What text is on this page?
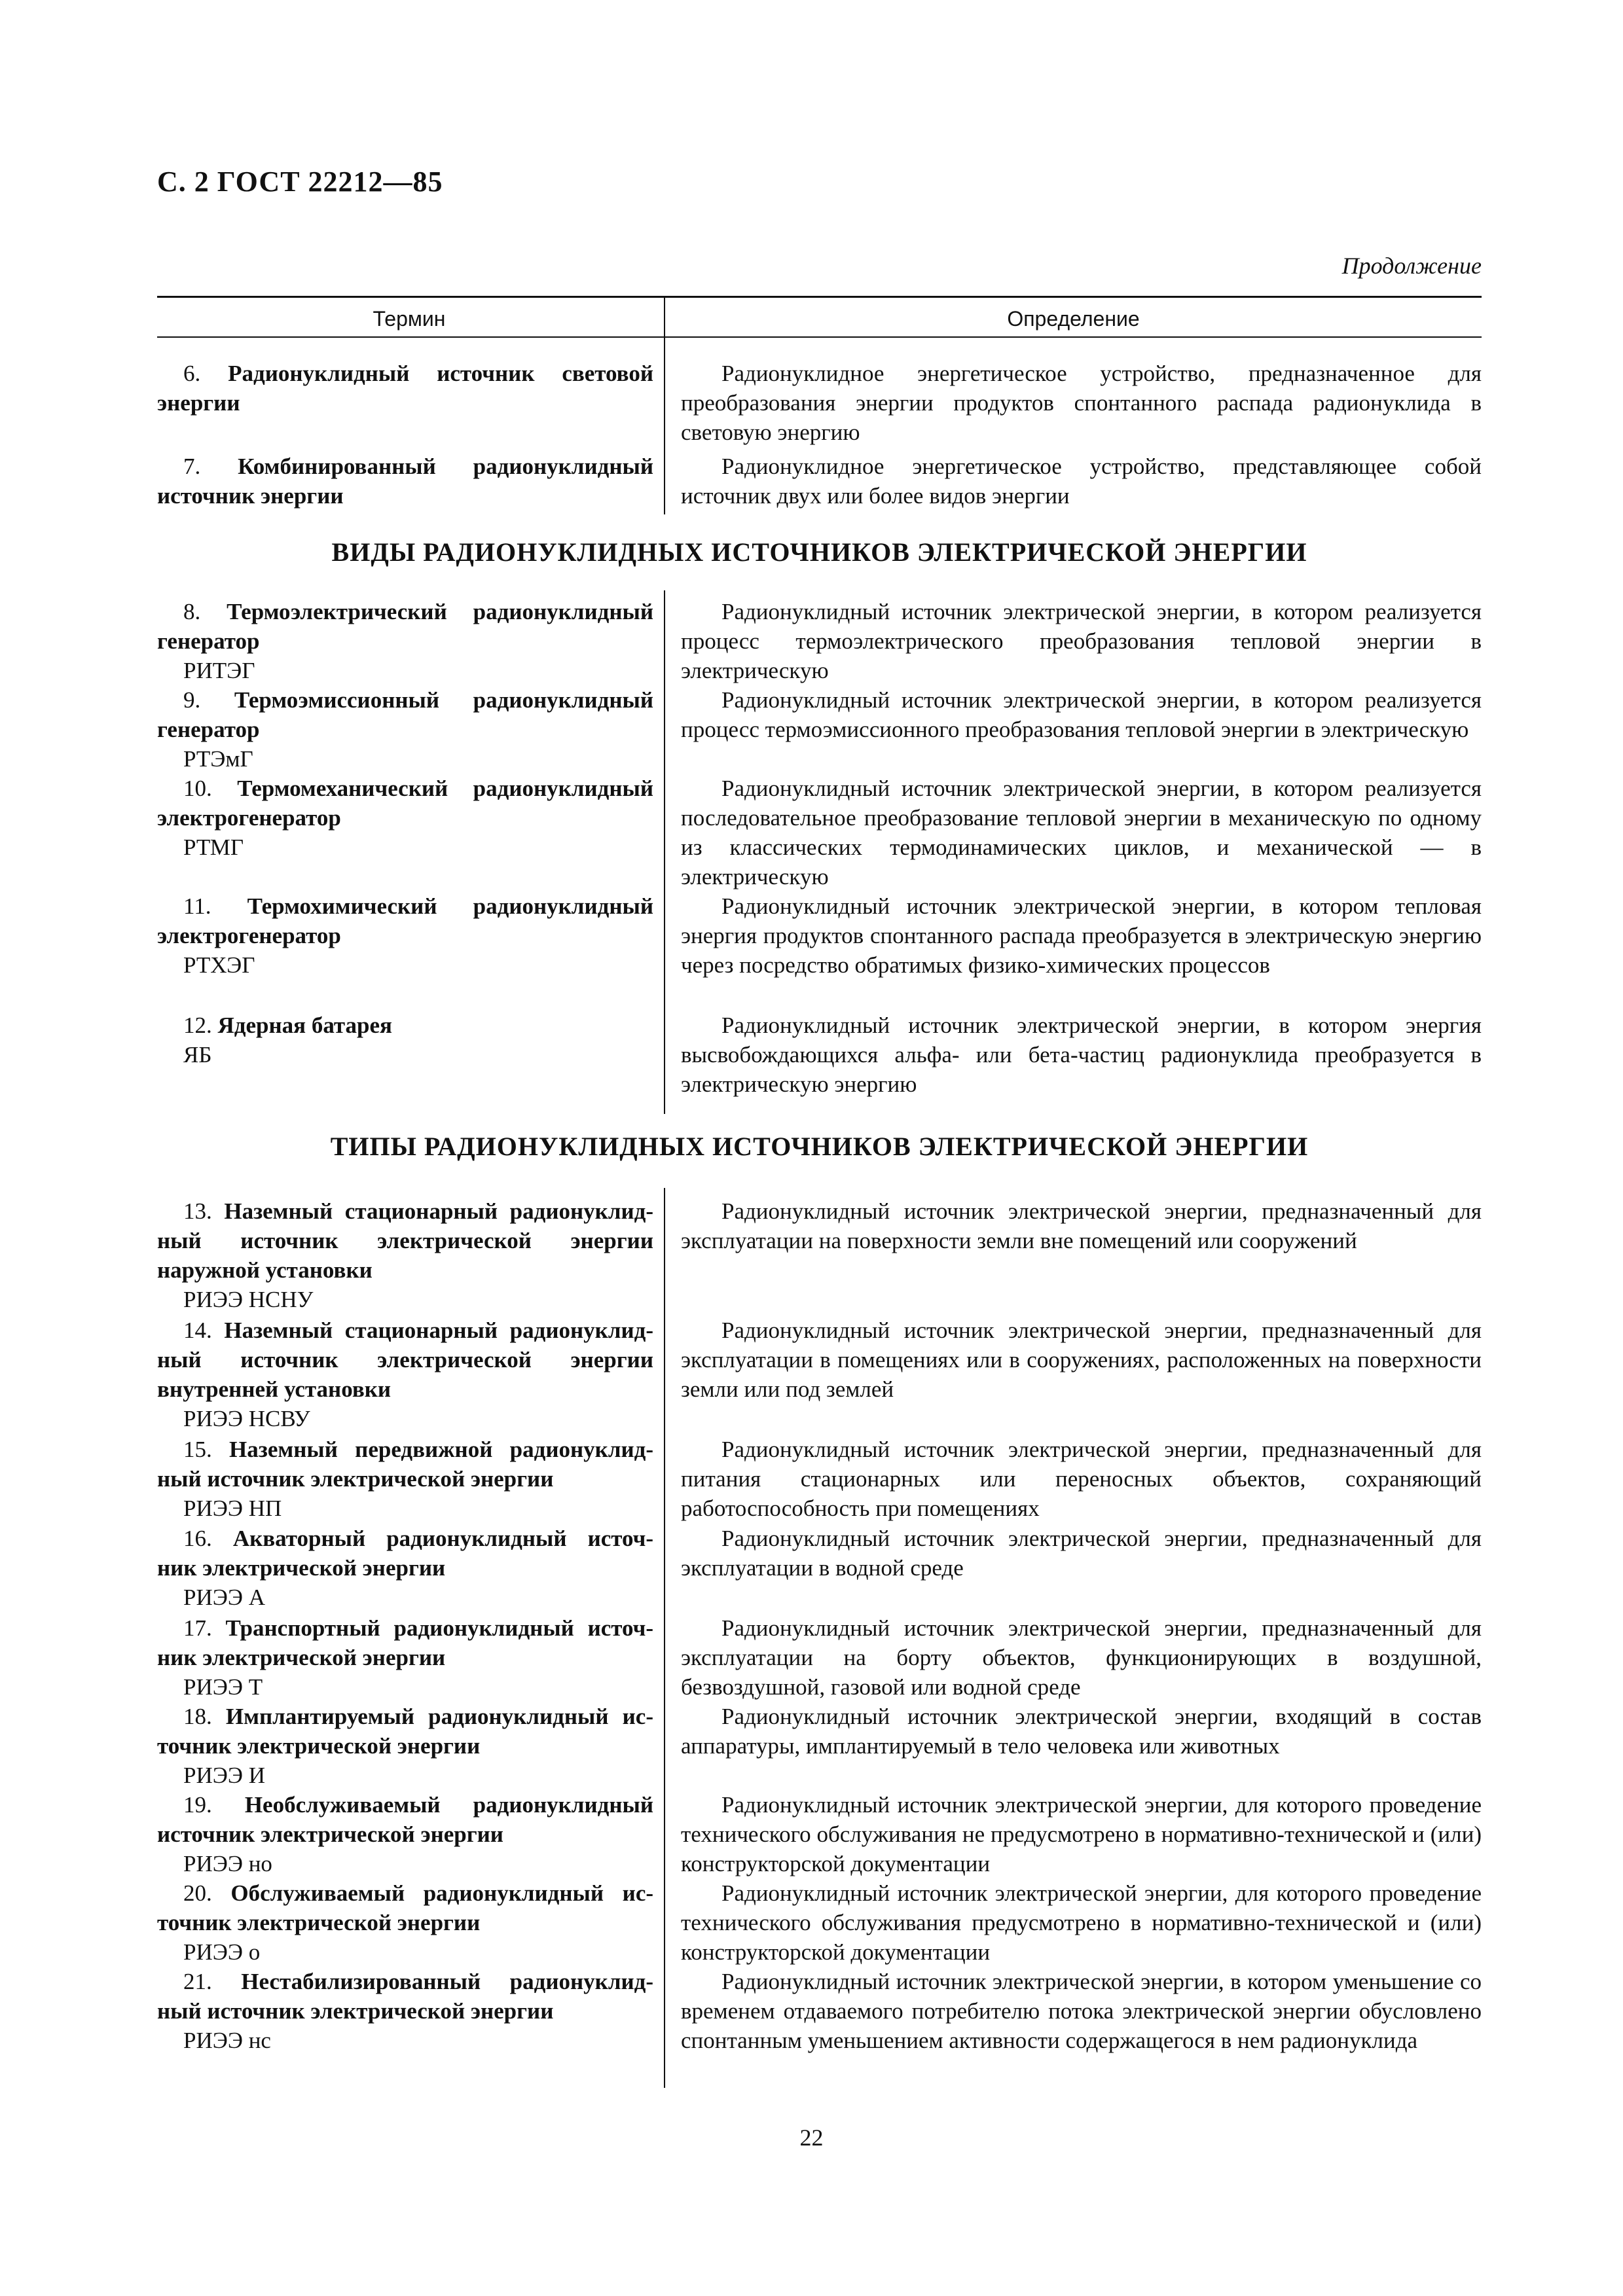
С. 2 ГОСТ 22212—85
Продолжение
Термин	Определение
6. Радионуклидный источник световой
энергии
Радионуклидное энергетическое устройство, предназначенное для преобразования энергии продуктов спонтанного распада радионуклида в световую энергию
7. Комбинированный радионуклидный
источник энергии
Радионуклидное энергетическое устройство, представляющее собой источник двух или более видов энергии
ВИДЫ РАДИОНУКЛИДНЫХ ИСТОЧНИКОВ ЭЛЕКТРИЧЕСКОЙ ЭНЕРГИИ
8. Термоэлектрический радионуклидный
генератор
РИТЭГ
Радионуклидный источник электрической энергии, в котором реализуется процесс термоэлектрического преобразования тепловой энергии в электрическую
9. Термоэмиссионный радионуклидный
генератор
РТЭмГ
Радионуклидный источник электрической энергии, в котором реализуется процесс термоэмиссионного преобразования тепловой энергии в электрическую
10. Термомеханический радионуклидный
электрогенератор
РТМГ
Радионуклидный источник электрической энергии, в котором реализуется последовательное преобразование тепловой энергии в механическую по одному из классических термодинамических циклов, и механической — в электрическую
11. Термохимический радионуклидный
электрогенератор
РТХЭГ
Радионуклидный источник электрической энергии, в котором тепловая энергия продуктов спонтанного распада преобразуется в электрическую энергию через посредство обратимых физико-химических процессов
12. Ядерная батарея
ЯБ
Радионуклидный источник электрической энергии, в котором энергия высвобождающихся альфа- или бета-частиц радионуклида преобразуется в электрическую энергию
ТИПЫ РАДИОНУКЛИДНЫХ ИСТОЧНИКОВ ЭЛЕКТРИЧЕСКОЙ ЭНЕРГИИ
13. Наземный стационарный радионуклид-
ный источник электрической энергии наружной установки
РИЭЭ НСНУ
Радионуклидный источник электрической энергии, предназначенный для эксплуатации на поверхности земли вне помещений или сооружений
14. Наземный стационарный радионуклид-
ный источник электрической энергии внутренней установки
РИЭЭ НСВУ
Радионуклидный источник электрической энергии, предназначенный для эксплуатации в помещениях или в сооружениях, расположенных на поверхности земли или под землей
15. Наземный передвижной радионуклид-
ный источник электрической энергии
РИЭЭ НП
Радионуклидный источник электрической энергии, предназначенный для питания стационарных или переносных объектов, сохраняющий работоспособность при помещениях
16. Акваторный радионуклидный источ-
ник электрической энергии
РИЭЭ А
Радионуклидный источник электрической энергии, предназначенный для эксплуатации в водной среде
17. Транспортный радионуклидный источ-
ник электрической энергии
РИЭЭ Т
Радионуклидный источник электрической энергии, предназначенный для эксплуатации на борту объектов, функционирующих в воздушной, безвоздушной, газовой или водной среде
18. Имплантируемый радионуклидный ис-
точник электрической энергии
РИЭЭ И
Радионуклидный источник электрической энергии, входящий в состав аппаратуры, имплантируемый в тело человека или животных
19. Необслуживаемый радионуклидный
источник электрической энергии
РИЭЭ но
Радионуклидный источник электрической энергии, для которого проведение технического обслуживания не предусмотрено в нормативно-технической и (или) конструкторской документации
20. Обслуживаемый радионуклидный ис-
точник электрической энергии
РИЭЭ о
Радионуклидный источник электрической энергии, для которого проведение технического обслуживания предусмотрено в нормативно-технической и (или) конструкторской документации
21. Нестабилизированный радионуклид-
ный источник электрической энергии
РИЭЭ нс
Радионуклидный источник электрической энергии, в котором уменьшение со временем отдаваемого потребителю потока электрической энергии обусловлено спонтанным уменьшением активности содержащегося в нем радионуклида
22
